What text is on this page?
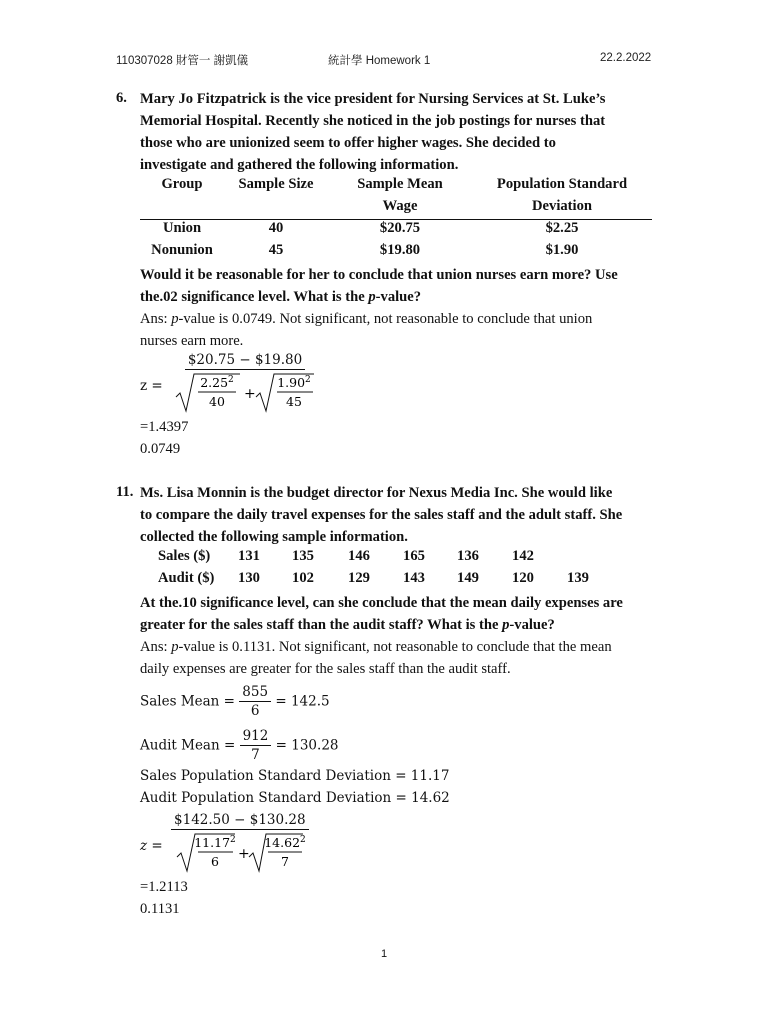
110307028 財管一 謝凱儀	統計學 Homework 1	22.2.2022
6. Mary Jo Fitzpatrick is the vice president for Nursing Services at St. Luke’s
Memorial Hospital. Recently she noticed in the job postings for nurses that
those who are unionized seem to offer higher wages. She decided to
investigate and gathered the following information.
Group	Sample Size	Sample Mean	Population Standard
Wage	Deviation
Union	40	$20.75	$2.25
Nonunion	45	$19.80	$1.90
Would it be reasonable for her to conclude that union nurses earn more? Use
the.02 significance level. What is the p-value?
Ans: p-value is 0.0749. Not significant, not reasonable to conclude that union
nurses earn more.
z =
$20.75 − $19.80
2.25$^2$
40 +
$1.90^2$
45
=1.4397
0.0749
11. Ms. Lisa Monnin is the budget director for Nexus Media Inc. She would like
to compare the daily travel expenses for the sales staff and the adult staff. She
collected the following sample information.
Sales ($) 131 135 146 165 136 142
Audit ($) 130 102 129 143 149 120 139
At the.10 significance level, can she conclude that the mean daily expenses are
greater for the sales staff than the audit staff? What is the p-value?
Ans: p-value is 0.1131. Not significant, not reasonable to conclude that the mean
daily expenses are greater for the sales staff than the audit staff.
Sales Mean = $\frac{855}{6} = 142.5$
Audit Mean = $\frac{912}{7} = 130.28$
Sales Population Standard Deviation = 11.17
Audit Population Standard Deviation = 14.62
z =
$142.50 − $130.28
11.17$^2$
6 +
$14.62^2$
7
=1.2113
0.1131
1
